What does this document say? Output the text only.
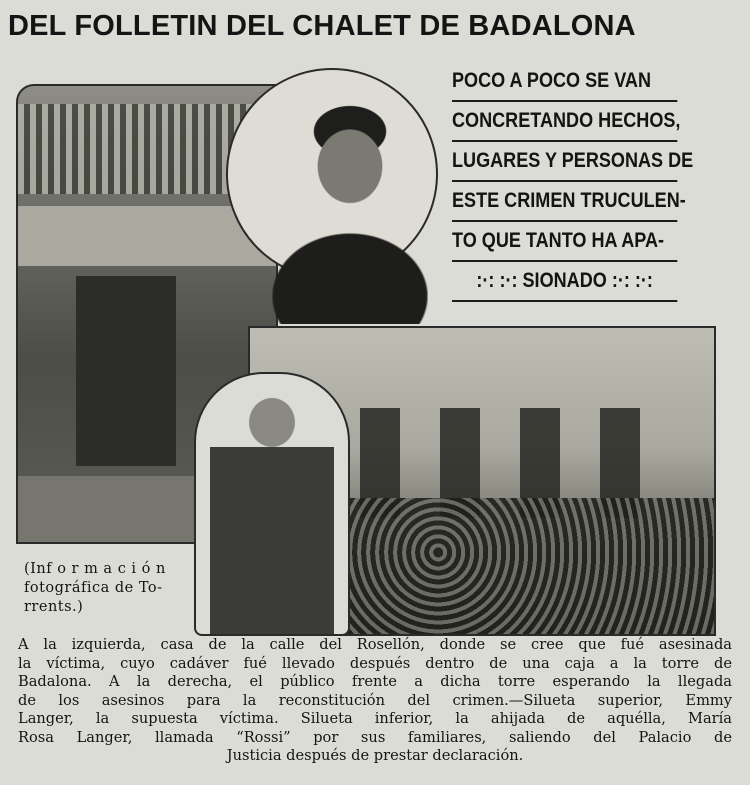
DEL FOLLETIN DEL CHALET DE BADALONA
POCO A POCO SE VAN
CONCRETANDO HECHOS,
LUGARES Y PERSONAS DE
ESTE CRIMEN TRUCULEN-
TO QUE TANTO HA APA-
:·: :·: SIONADO :·: :·:
(Inf o r m a c i ó n
fotográfica de To-
rrents.)
A la izquierda, casa de la calle del Rosellón, donde se cree que fué asesinada
la víctima, cuyo cadáver fué llevado después dentro de una caja a la torre de
Badalona. A la derecha, el público frente a dicha torre esperando la llegada
de los asesinos para la reconstitución del crimen.—Silueta superior, Emmy
Langer, la supuesta víctima. Silueta inferior, la ahijada de aquélla, María
Rosa Langer, llamada “Rossi” por sus familiares, saliendo del Palacio de
Justicia después de prestar declaración.
